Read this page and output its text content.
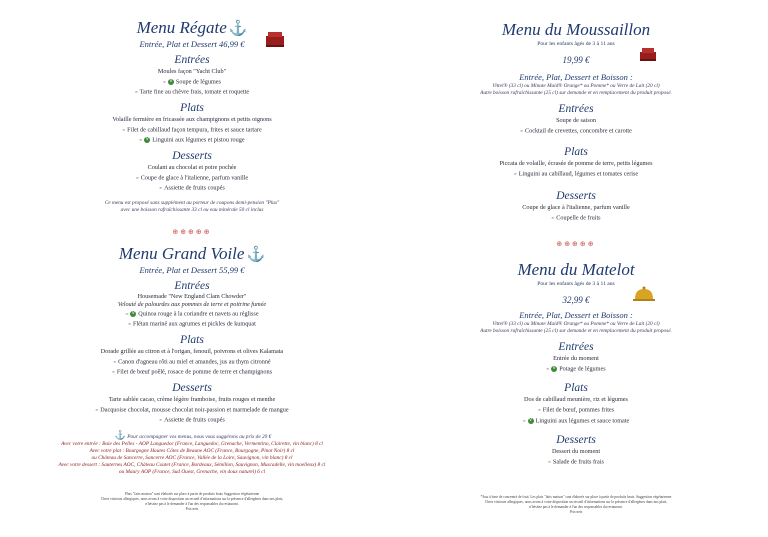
Menu Régate ⚓
Entrée, Plat et Dessert 46,99 €
Entrées
Moules façon "Yacht Club"
∞ V Soupe de légumes
∞ Tarte fine au chèvre frais, tomate et roquette
Plats
Volaille fermière en fricassée aux champignons et petits oignons
∞ Filet de cabillaud façon tempura, frites et sauce tartare
∞ V Linguini aux légumes et pistou rouge
Desserts
Coulant au chocolat et poire pochée
∞ Coupe de glace à l'italienne, parfum vanille
∞ Assiette de fruits coupés
Ce menu est proposé sans supplément au porteur de coupons demi-pension "Plus"
avec une boisson rafraîchissante 33 cl ou eau minérale 50 cl inclus
⊕⊕⊕⊕⊕
Menu Grand Voile ⚓
Entrée, Plat et Dessert 55,99 €
Entrées
Housemade "New England Clam Chowder"
Velouté de palourdes aux pommes de terre et poitrine fumée
∞ V Quinoa rouge à la coriandre et navets au réglisse
∞ Flétan mariné aux agrumes et pickles de kumquat
Plats
Dorade grillée au citron et à l'origan, fenouil, poivrons et olives Kalamata
∞ Canon d'agneau rôti au miel et amandes, jus au thym citronné
∞ Filet de bœuf poêlé, rosace de pomme de terre et champignons
Desserts
Tarte sablée cacao, crème légère framboise, fruits rouges et menthe
∞ Dacquoise chocolat, mousse chocolat noir-passion et marmelade de mangue
∞ Assiette de fruits coupés
⚓ Pour accompagner vos menus, nous vous suggérons au prix de 20 €
Avec votre entrée : Baie des Pelles - AOP Languedoc (France, Languedoc, Grenache, Vermentino, Clairette, vin blanc) 8 cl
Avec votre plat : Bourgogne Hautes Côtes de Beaune AOC (France, Bourgogne, Pinot Noir) 8 cl
ou Château de Sancerre, Sancerre AOC (France, Vallée de la Loire, Sauvignon, vin blanc) 8 cl
Avec votre dessert : Sauternes AOC, Château Coutet (France, Bordeaux, Sémillon, Sauvignon, Muscadelle, vin moelleux) 8 cl
ou Maury AOP (France, Sud Ouest, Grenache, vin doux naturel) 6 cl
Plats "faits maison" sont élaborés sur place à partir de produits bruts Suggestion végétarienne
Chers visiteurs allergiques, nous avons à votre disposition un recueil d'informations sur la présence d'allergènes dans nos plats,
n'hésitez pas à le demander à l'un des responsables du restaurant.
Prix nets
Menu du Moussaillon
Pour les enfants âgés de 3 à 11 ans
19,99 €
Entrée, Plat, Dessert et Boisson :
Vittel® (33 cl) ou Minute Maid® Orange* ou Pomme* ou Verre de Lait (20 cl)
Autre boisson rafraîchissante (25 cl) sur demande et en remplacement du produit proposé.
Entrées
Soupe de saison
∞ Cocktail de crevettes, concombre et carotte
Plats
Piccata de volaille, écrasée de pomme de terre, petits légumes
∞ Linguini au cabillaud, légumes et tomates cerise
Desserts
Coupe de glace à l'italienne, parfum vanille
∞ Coupelle de fruits
⊕⊕⊕⊕⊕
Menu du Matelot
Pour les enfants âgés de 3 à 11 ans
32,99 €
Entrée, Plat, Dessert et Boisson :
Vittel® (33 cl) ou Minute Maid® Orange* ou Pomme* ou Verre de Lait (20 cl)
Autre boisson rafraîchissante (25 cl) sur demande et en remplacement du produit proposé.
Entrées
Entrée du moment
∞ V Potage de légumes
Plats
Dos de cabillaud meunière, riz et légumes
∞ Filet de bœuf, pommes frites
∞ V Linguini aux légumes et sauce tomate
Desserts
Dessert du moment
∞ Salade de fruits frais
*Issu à base de concentré de fruit. Les plats "faits maison" sont élaborés sur place à partir de produits bruts. Suggestion végétarienne
Chers visiteurs allergiques, nous avons à votre disposition un recueil d'informations sur la présence d'allergènes dans nos plats,
n'hésitez pas à le demander à l'un des responsables du restaurant.
Prix nets
